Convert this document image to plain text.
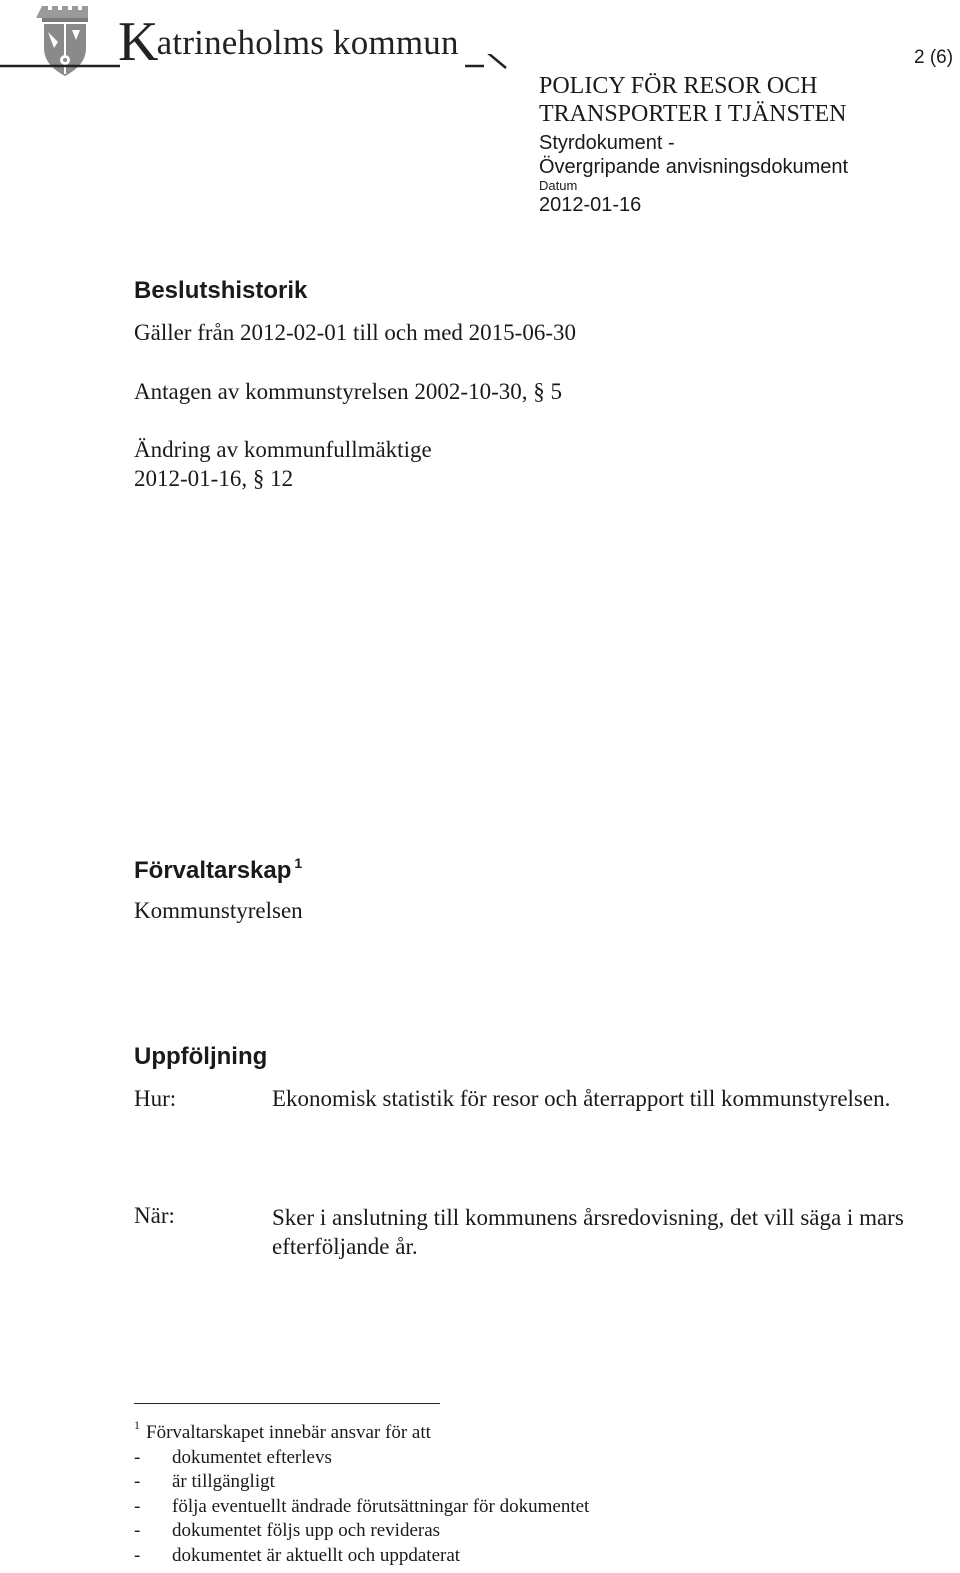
Katrineholms kommun	2 (6)
POLICY FÖR RESOR OCH
TRANSPORTER I TJÄNSTEN
Styrdokument -
Övergripande anvisningsdokument
Datum
2012-01-16
Beslutshistorik
Gäller från 2012-02-01 till och med 2015-06-30
Antagen av kommunstyrelsen 2002-10-30, § 5
Ändring av kommunfullmäktige
2012-01-16, § 12
Förvaltarskap $^1$
Kommunstyrelsen
Uppföljning
Hur:	Ekonomisk statistik för resor och återrapport till kommunstyrelsen.
När:	Sker i anslutning till kommunens årsredovisning, det vill säga i mars efterföljande år.
$^1$ Förvaltarskapet innebär ansvar för att
- dokumentet efterlevs
- är tillgängligt
- följa eventuellt ändrade förutsättningar för dokumentet
- dokumentet följs upp och revideras
- dokumentet är aktuellt och uppdaterat
